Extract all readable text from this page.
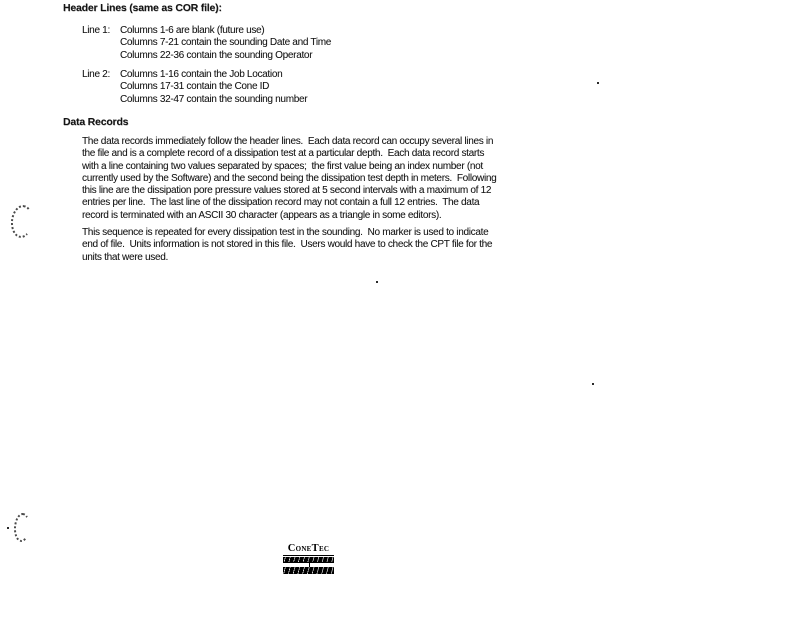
Header Lines (same as COR file):
Line 1:	Columns 1-6 are blank (future use)
Columns 7-21 contain the sounding Date and Time
Columns 22-36 contain the sounding Operator
Line 2:	Columns 1-16 contain the Job Location
Columns 17-31 contain the Cone ID
Columns 32-47 contain the sounding number
Data Records
The data records immediately follow the header lines.  Each data record can occupy several lines in
the file and is a complete record of a dissipation test at a particular depth.  Each data record starts
with a line containing two values separated by spaces;  the first value being an index number (not
currently used by the Software) and the second being the dissipation test depth in meters.  Following
this line are the dissipation pore pressure values stored at 5 second intervals with a maximum of 12
entries per line.  The last line of the dissipation record may not contain a full 12 entries.  The data
record is terminated with an ASCII 30 character (appears as a triangle in some editors).
This sequence is repeated for every dissipation test in the sounding.  No marker is used to indicate
end of file.  Units information is not stored in this file.  Users would have to check the CPT file for the
units that were used.
ConeTec
